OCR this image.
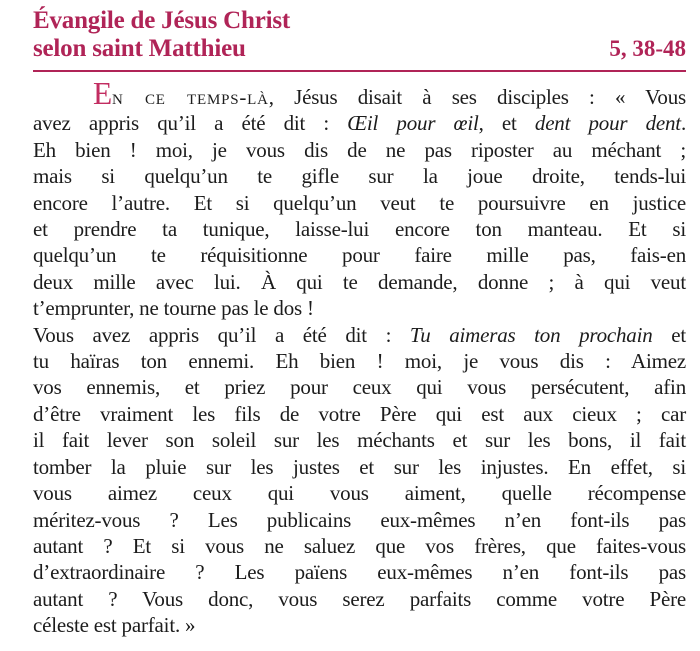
Évangile de Jésus Christ
selon saint Matthieu	5, 38-48
En ce temps-là, Jésus disait à ses disciples : « Vous
avez appris qu’il a été dit : Œil pour œil, et dent pour dent.
Eh bien ! moi, je vous dis de ne pas riposter au méchant ;
mais si quelqu’un te gifle sur la joue droite, tends-lui
encore l’autre. Et si quelqu’un veut te poursuivre en justice
et prendre ta tunique, laisse-lui encore ton manteau. Et si
quelqu’un te réquisitionne pour faire mille pas, fais-en
deux mille avec lui. À qui te demande, donne ; à qui veut
t’emprunter, ne tourne pas le dos !
Vous avez appris qu’il a été dit : Tu aimeras ton prochain et
tu haïras ton ennemi. Eh bien ! moi, je vous dis : Aimez
vos ennemis, et priez pour ceux qui vous persécutent, afin
d’être vraiment les fils de votre Père qui est aux cieux ; car
il fait lever son soleil sur les méchants et sur les bons, il fait
tomber la pluie sur les justes et sur les injustes. En effet, si
vous aimez ceux qui vous aiment, quelle récompense
méritez-vous ? Les publicains eux-mêmes n’en font-ils pas
autant ? Et si vous ne saluez que vos frères, que faites-vous
d’extraordinaire ? Les païens eux-mêmes n’en font-ils pas
autant ? Vous donc, vous serez parfaits comme votre Père
céleste est parfait. »
